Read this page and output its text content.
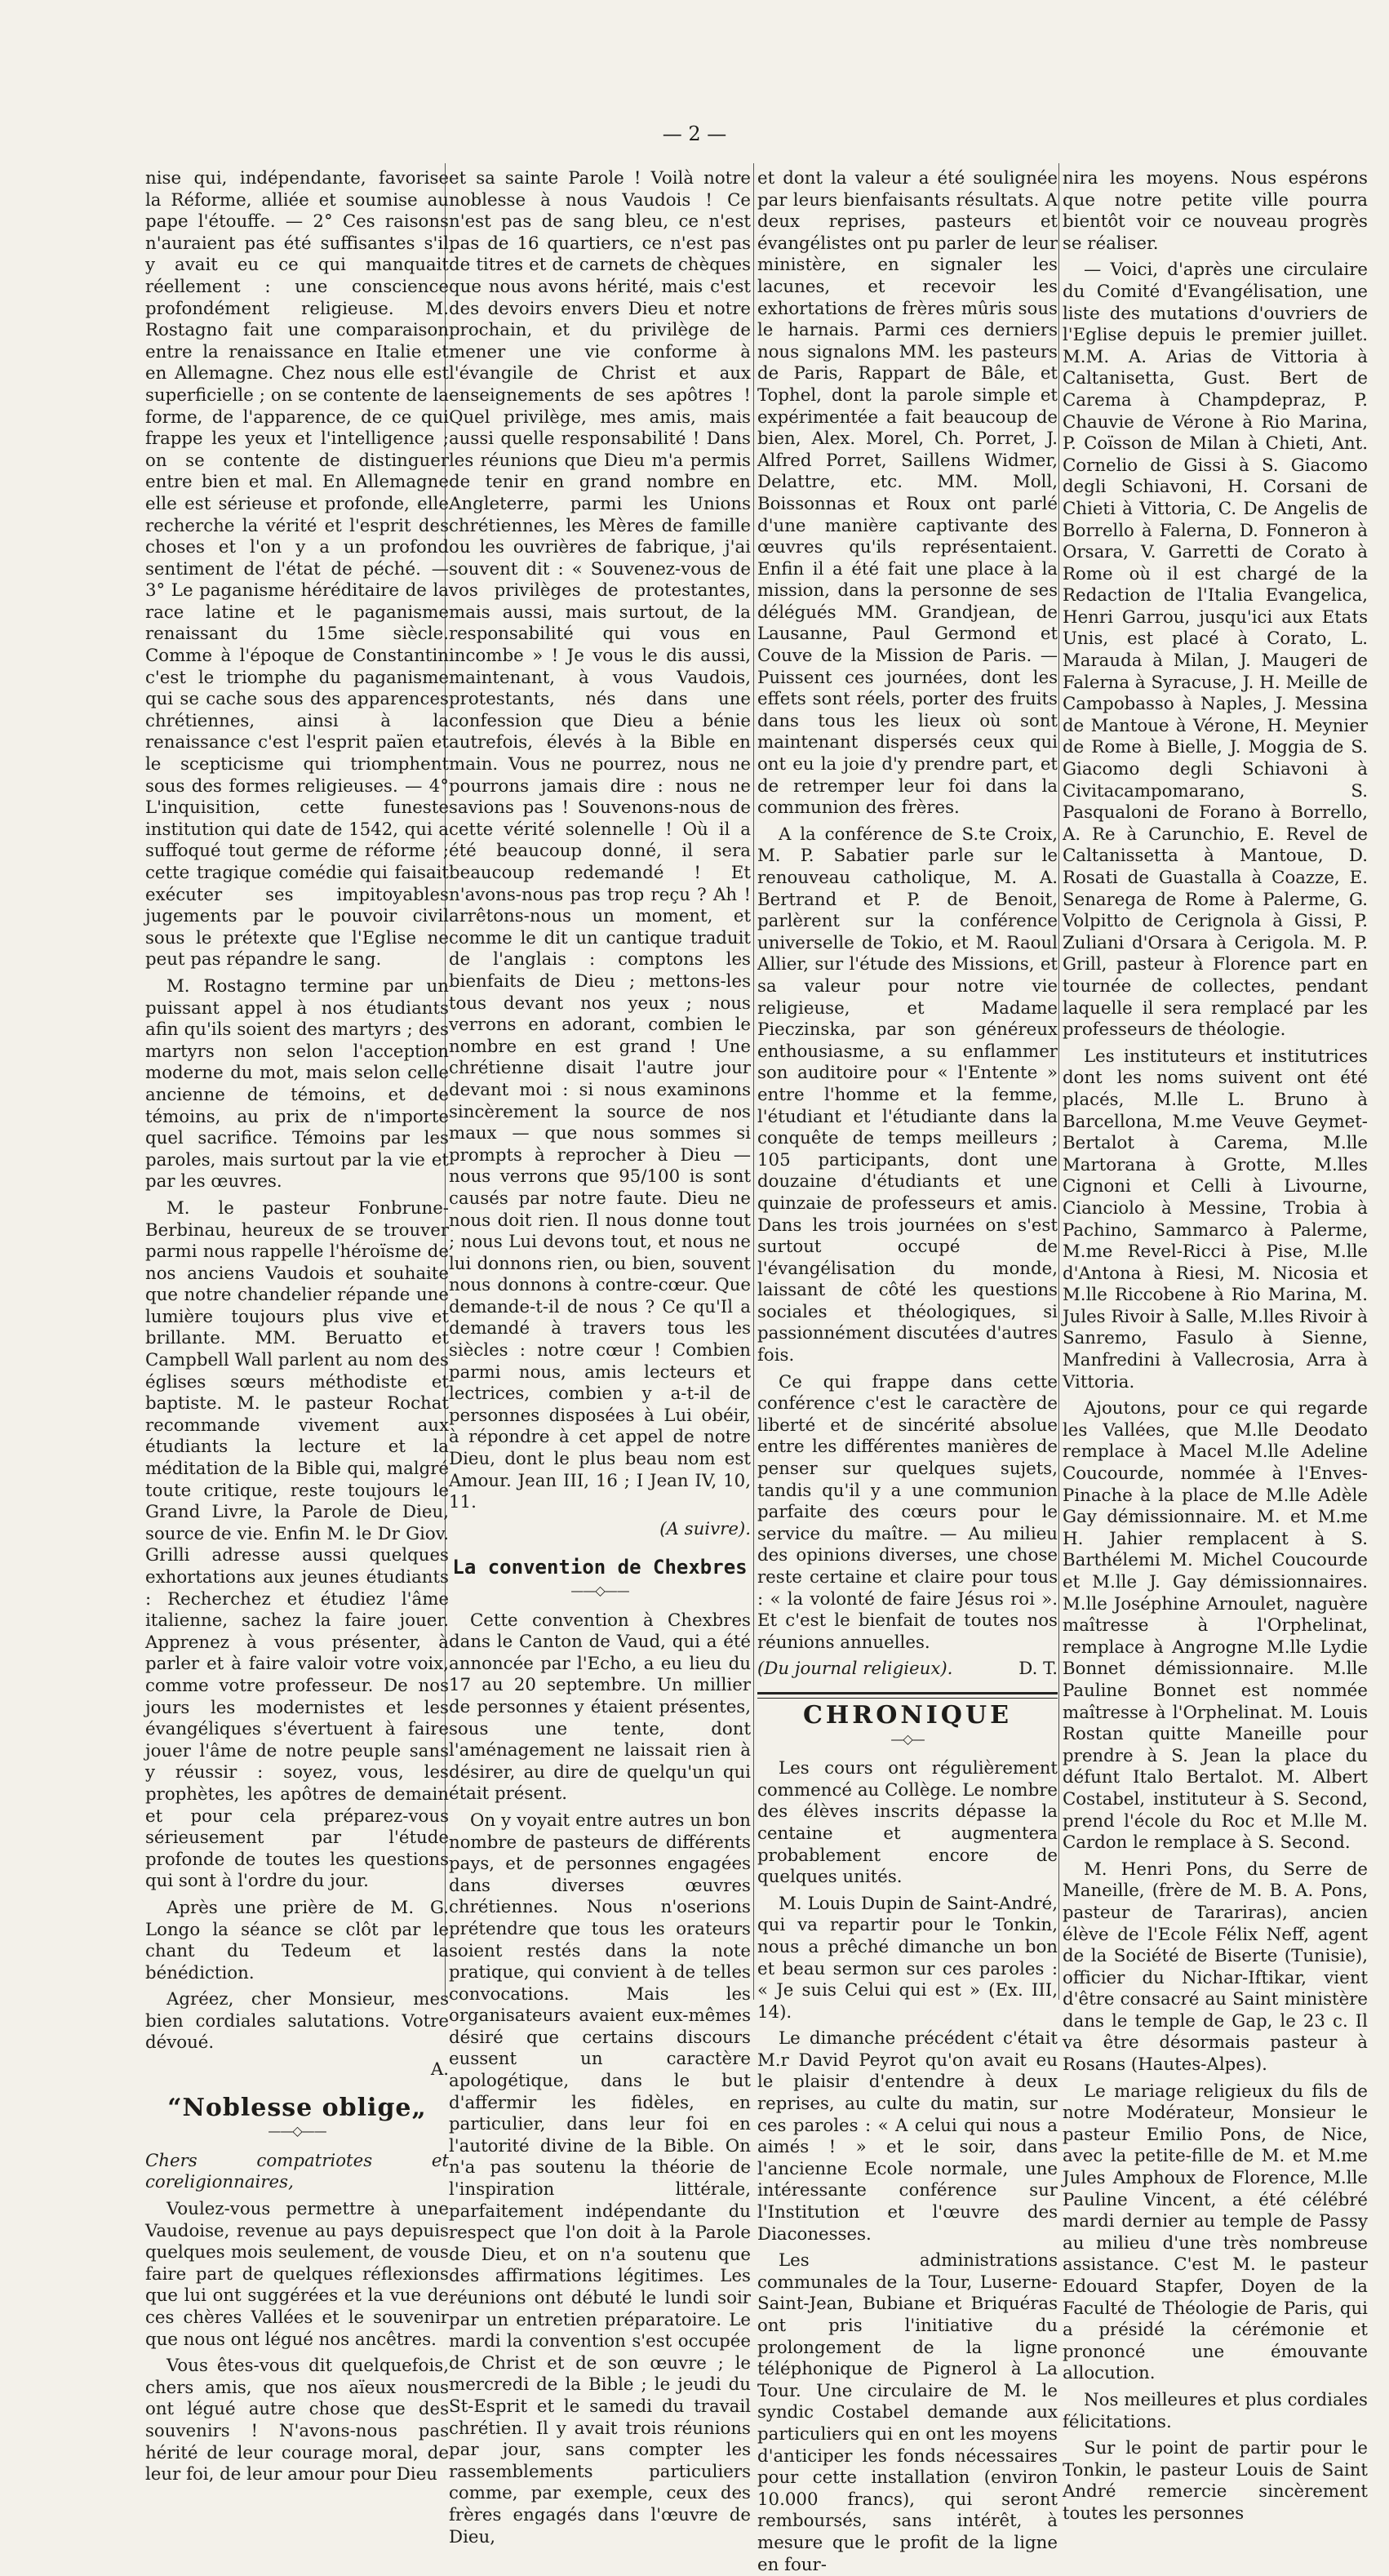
— 2 —

nise qui, indépendante, favorise la Réforme, alliée et soumise au pape l'étouffe. — 2° Ces raisons n'auraient pas été suffisantes s'il y avait eu ce qui manquait réellement : une conscience profondément religieuse. M. Rostagno fait une comparaison entre la renaissance en Italie et en Allemagne. Chez nous elle est superficielle ; on se contente de la forme, de l'apparence, de ce qui frappe les yeux et l'intelligence ; on se contente de distinguer entre bien et mal. En Allemagne elle est sérieuse et profonde, elle recherche la vérité et l'esprit des choses et l'on y a un profond sentiment de l'état de péché. — 3° Le paganisme héréditaire de la race latine et le paganisme renaissant du 15me siècle. Comme à l'époque de Constantin c'est le triomphe du paganisme qui se cache sous des apparences chrétiennes, ainsi à la renaissance c'est l'esprit païen et le scepticisme qui triomphent sous des formes religieuses. — 4° L'inquisition, cette funeste institution qui date de 1542, qui a suffoqué tout germe de réforme ; cette tragique comédie qui faisait exécuter ses impitoyables jugements par le pouvoir civil sous le prétexte que l'Eglise ne peut pas répandre le sang.

M. Rostagno termine par un puissant appel à nos étudiants afin qu'ils soient des martyrs ; des martyrs non selon l'acception moderne du mot, mais selon celle ancienne de témoins, et de témoins, au prix de n'importe quel sacrifice. Témoins par les paroles, mais surtout par la vie et par les œuvres.

M. le pasteur Fonbrune-Berbinau, heureux de se trouver parmi nous rappelle l'héroïsme de nos anciens Vaudois et souhaite que notre chandelier répande une lumière toujours plus vive et brillante. MM. Beruatto et Campbell Wall parlent au nom des églises sœurs méthodiste et baptiste. M. le pasteur Rochat recommande vivement aux étudiants la lecture et la méditation de la Bible qui, malgré toute critique, reste toujours le Grand Livre, la Parole de Dieu, source de vie. Enfin M. le Dr Giov. Grilli adresse aussi quelques exhortations aux jeunes étudiants : Recherchez et étudiez l'âme italienne, sachez la faire jouer. Apprenez à vous présenter, à parler et à faire valoir votre voix, comme votre professeur. De nos jours les modernistes et les évangéliques s'évertuent à faire jouer l'âme de notre peuple sans y réussir : soyez, vous, les prophètes, les apôtres de demain et pour cela préparez-vous sérieusement par l'étude profonde de toutes les questions qui sont à l'ordre du jour.

Après une prière de M. G. Longo la séance se clôt par le chant du Tedeum et la bénédiction.

Agréez, cher Monsieur, mes bien cordiales salutations. Votre dévoué.

A.

“Noblesse oblige„
——◇——

Chers compatriotes et coreligionnaires,

Voulez-vous permettre à une Vaudoise, revenue au pays depuis quelques mois seulement, de vous faire part de quelques réflexions que lui ont suggérées et la vue de ces chères Vallées et le souvenir que nous ont légué nos ancêtres.

Vous êtes-vous dit quelquefois, chers amis, que nos aïeux nous ont légué autre chose que des souvenirs ! N'avons-nous pas hérité de leur courage moral, de leur foi, de leur amour pour Dieu

et sa sainte Parole ! Voilà notre noblesse à nous Vaudois ! Ce n'est pas de sang bleu, ce n'est pas de 16 quartiers, ce n'est pas de titres et de carnets de chèques que nous avons hérité, mais c'est des devoirs envers Dieu et notre prochain, et du privilège de mener une vie conforme à l'évangile de Christ et aux enseignements de ses apôtres ! Quel privilège, mes amis, mais aussi quelle responsabilité ! Dans les réunions que Dieu m'a permis de tenir en grand nombre en Angleterre, parmi les Unions chrétiennes, les Mères de famille ou les ouvrières de fabrique, j'ai souvent dit : « Souvenez-vous de vos privilèges de protestantes, mais aussi, mais surtout, de la responsabilité qui vous en incombe » ! Je vous le dis aussi, maintenant, à vous Vaudois, protestants, nés dans une confession que Dieu a bénie autrefois, élevés à la Bible en main. Vous ne pourrez, nous ne pourrons jamais dire : nous ne savions pas ! Souvenons-nous de cette vérité solennelle ! Où il a été beaucoup donné, il sera beaucoup redemandé ! Et n'avons-nous pas trop reçu ? Ah ! arrêtons-nous un moment, et comme le dit un cantique traduit de l'anglais : comptons les bienfaits de Dieu ; mettons-les tous devant nos yeux ; nous verrons en adorant, combien le nombre en est grand ! Une chrétienne disait l'autre jour devant moi : si nous examinons sincèrement la source de nos maux — que nous sommes si prompts à reprocher à Dieu — nous verrons que 95/100 is sont causés par notre faute. Dieu ne nous doit rien. Il nous donne tout ; nous Lui devons tout, et nous ne lui donnons rien, ou bien, souvent nous donnons à contre-cœur. Que demande-t-il de nous ? Ce qu'Il a demandé à travers tous les siècles : notre cœur ! Combien parmi nous, amis lecteurs et lectrices, combien y a-t-il de personnes disposées à Lui obéir, à répondre à cet appel de notre Dieu, dont le plus beau nom est Amour. Jean III, 16 ; I Jean IV, 10, 11.

(A suivre).

La convention de Chexbres
——◇——

Cette convention à Chexbres dans le Canton de Vaud, qui a été annoncée par l'Echo, a eu lieu du 17 au 20 septembre. Un millier de personnes y étaient présentes, sous une tente, dont l'aménagement ne laissait rien à désirer, au dire de quelqu'un qui était présent.

On y voyait entre autres un bon nombre de pasteurs de différents pays, et de personnes engagées dans diverses œuvres chrétiennes. Nous n'oserions prétendre que tous les orateurs soient restés dans la note pratique, qui convient à de telles convocations. Mais les organisateurs avaient eux-mêmes désiré que certains discours eussent un caractère apologétique, dans le but d'affermir les fidèles, en particulier, dans leur foi en l'autorité divine de la Bible. On n'a pas soutenu la théorie de l'inspiration littérale, parfaitement indépendante du respect que l'on doit à la Parole de Dieu, et on n'a soutenu que des affirmations légitimes. Les réunions ont débuté le lundi soir par un entretien préparatoire. Le mardi la convention s'est occupée de Christ et de son œuvre ; le mercredi de la Bible ; le jeudi du St-Esprit et le samedi du travail chrétien. Il y avait trois réunions par jour, sans compter les rassemblements particuliers comme, par exemple, ceux des frères engagés dans l'œuvre de Dieu,

et dont la valeur a été soulignée par leurs bienfaisants résultats. A deux reprises, pasteurs et évangélistes ont pu parler de leur ministère, en signaler les lacunes, et recevoir les exhortations de frères mûris sous le harnais. Parmi ces derniers nous signalons MM. les pasteurs de Paris, Rappart de Bâle, et Tophel, dont la parole simple et expérimentée a fait beaucoup de bien, Alex. Morel, Ch. Porret, J. Alfred Porret, Saillens Widmer, Delattre, etc. MM. Moll, Boissonnas et Roux ont parlé d'une manière captivante des œuvres qu'ils représentaient. Enfin il a été fait une place à la mission, dans la personne de ses délégués MM. Grandjean, de Lausanne, Paul Germond et Couve de la Mission de Paris. — Puissent ces journées, dont les effets sont réels, porter des fruits dans tous les lieux où sont maintenant dispersés ceux qui ont eu la joie d'y prendre part, et de retremper leur foi dans la communion des frères.

A la conférence de S.te Croix, M. P. Sabatier parle sur le renouveau catholique, M. A. Bertrand et P. de Benoit, parlèrent sur la conférence universelle de Tokio, et M. Raoul Allier, sur l'étude des Missions, et sa valeur pour notre vie religieuse, et Madame Pieczinska, par son généreux enthousiasme, a su enflammer son auditoire pour « l'Entente » entre l'homme et la femme, l'étudiant et l'étudiante dans la conquête de temps meilleurs ; 105 participants, dont une douzaine d'étudiants et une quinzaie de professeurs et amis. Dans les trois journées on s'est surtout occupé de l'évangélisation du monde, laissant de côté les questions sociales et théologiques, si passionnément discutées d'autres fois.

Ce qui frappe dans cette conférence c'est le caractère de liberté et de sincérité absolue entre les différentes manières de penser sur quelques sujets, tandis qu'il y a une communion parfaite des cœurs pour le service du maître. — Au milieu des opinions diverses, une chose reste certaine et claire pour tous : « la volonté de faire Jésus roi ». Et c'est le bienfait de toutes nos réunions annuelles.

(Du journal religieux).	D. T.
CHRONIQUE
—◇—

Les cours ont régulièrement commencé au Collège. Le nombre des élèves inscrits dépasse la centaine et augmentera probablement encore de quelques unités.

M. Louis Dupin de Saint-André, qui va repartir pour le Tonkin, nous a prêché dimanche un bon et beau sermon sur ces paroles : « Je suis Celui qui est » (Ex. III, 14).

Le dimanche précédent c'était M.r David Peyrot qu'on avait eu le plaisir d'entendre à deux reprises, au culte du matin, sur ces paroles : « A celui qui nous a aimés ! » et le soir, dans l'ancienne Ecole normale, une intéressante conférence sur l'Institution et l'œuvre des Diaconesses.

Les administrations communales de la Tour, Luserne-Saint-Jean, Bubiane et Briquéras ont pris l'initiative du prolongement de la ligne téléphonique de Pignerol à La Tour. Une circulaire de M. le syndic Costabel demande aux particuliers qui en ont les moyens d'anticiper les fonds nécessaires pour cette installation (environ 10.000 francs), qui seront remboursés, sans intérêt, à mesure que le profit de la ligne en four-

nira les moyens. Nous espérons que notre petite ville pourra bientôt voir ce nouveau progrès se réaliser.

— Voici, d'après une circulaire du Comité d'Evangélisation, une liste des mutations d'ouvriers de l'Eglise depuis le premier juillet. M.M. A. Arias de Vittoria à Caltanisetta, Gust. Bert de Carema à Champdepraz, P. Chauvie de Vérone à Rio Marina, P. Coïsson de Milan à Chieti, Ant. Cornelio de Gissi à S. Giacomo degli Schiavoni, H. Corsani de Chieti à Vittoria, C. De Angelis de Borrello à Falerna, D. Fonneron à Orsara, V. Garretti de Corato à Rome où il est chargé de la Redaction de l'Italia Evangelica, Henri Garrou, jusqu'ici aux Etats Unis, est placé à Corato, L. Marauda à Milan, J. Maugeri de Falerna à Syracuse, J. H. Meille de Campobasso à Naples, J. Messina de Mantoue à Vérone, H. Meynier de Rome à Bielle, J. Moggia de S. Giacomo degli Schiavoni à Civitacampomarano, S. Pasqualoni de Forano à Borrello, A. Re à Carunchio, E. Revel de Caltanissetta à Mantoue, D. Rosati de Guastalla à Coazze, E. Senarega de Rome à Palerme, G. Volpitto de Cerignola à Gissi, P. Zuliani d'Orsara à Cerigola. M. P. Grill, pasteur à Florence part en tournée de collectes, pendant laquelle il sera remplacé par les professeurs de théologie.

Les instituteurs et institutrices dont les noms suivent ont été placés, M.lle L. Bruno à Barcellona, M.me Veuve Geymet-Bertalot à Carema, M.lle Martorana à Grotte, M.lles Cignoni et Celli à Livourne, Cianciolo à Messine, Trobia à Pachino, Sammarco à Palerme, M.me Revel-Ricci à Pise, M.lle d'Antona à Riesi, M. Nicosia et M.lle Riccobene à Rio Marina, M. Jules Rivoir à Salle, M.lles Rivoir à Sanremo, Fasulo à Sienne, Manfredini à Vallecrosia, Arra à Vittoria.

Ajoutons, pour ce qui regarde les Vallées, que M.lle Deodato remplace à Macel M.lle Adeline Coucourde, nommée à l'Enves-Pinache à la place de M.lle Adèle Gay démissionnaire. M. et M.me H. Jahier remplacent à S. Barthélemi M. Michel Coucourde et M.lle J. Gay démissionnaires. M.lle Joséphine Arnoulet, naguère maîtresse à l'Orphelinat, remplace à Angrogne M.lle Lydie Bonnet démissionnaire. M.lle Pauline Bonnet est nommée maîtresse à l'Orphelinat. M. Louis Rostan quitte Maneille pour prendre à S. Jean la place du défunt Italo Bertalot. M. Albert Costabel, instituteur à S. Second, prend l'école du Roc et M.lle M. Cardon le remplace à S. Second.

M. Henri Pons, du Serre de Maneille, (frère de M. B. A. Pons, pasteur de Tarariras), ancien élève de l'Ecole Félix Neff, agent de la Société de Biserte (Tunisie), officier du Nichar-Iftikar, vient d'être consacré au Saint ministère dans le temple de Gap, le 23 c. Il va être désormais pasteur à Rosans (Hautes-Alpes).

Le mariage religieux du fils de notre Modérateur, Monsieur le pasteur Emilio Pons, de Nice, avec la petite-fille de M. et M.me Jules Amphoux de Florence, M.lle Pauline Vincent, a été célébré mardi dernier au temple de Passy au milieu d'une très nombreuse assistance. C'est M. le pasteur Edouard Stapfer, Doyen de la Faculté de Théologie de Paris, qui a présidé la cérémonie et prononcé une émouvante allocution.

Nos meilleures et plus cordiales félicitations.

Sur le point de partir pour le Tonkin, le pasteur Louis de Saint André remercie sincèrement toutes les personnes
